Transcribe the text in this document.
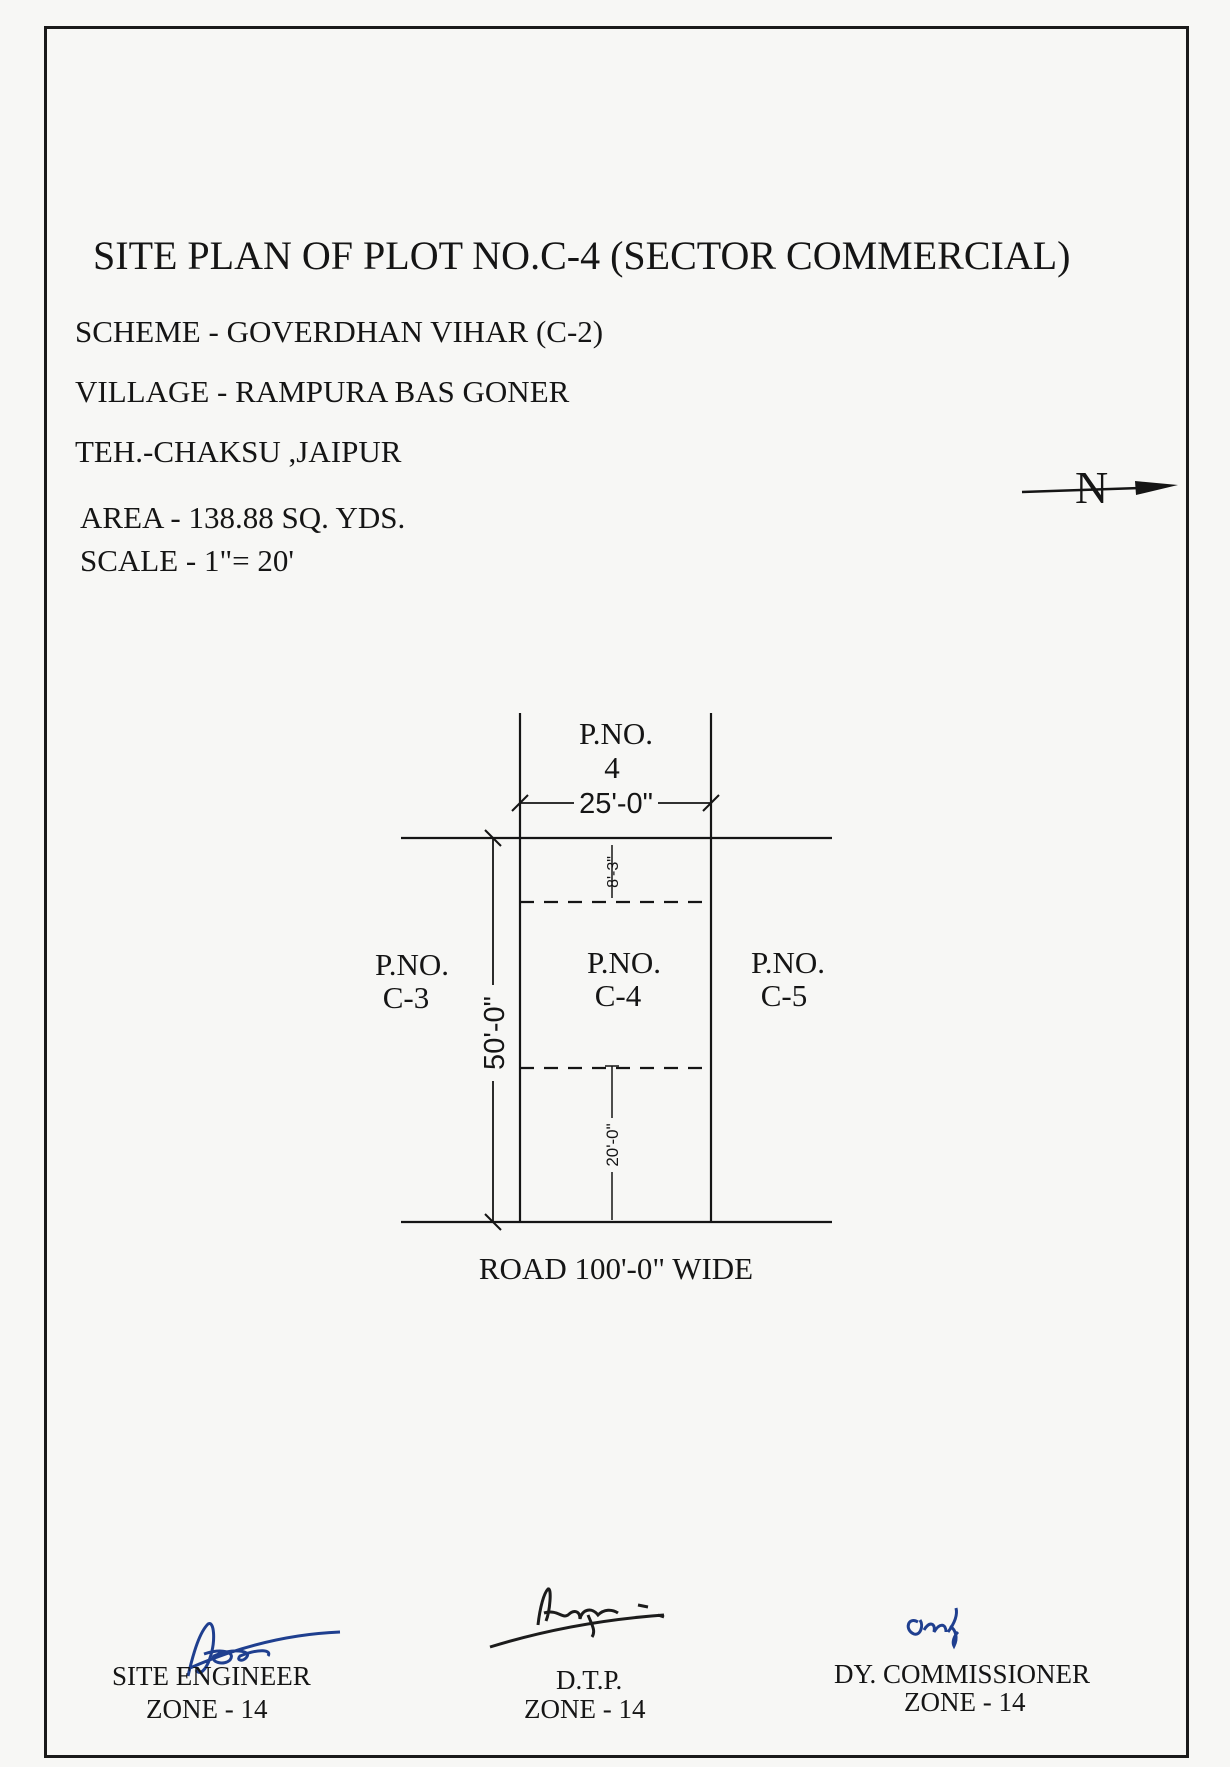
SITE PLAN OF PLOT NO.C-4 (SECTOR COMMERCIAL)
SCHEME - GOVERDHAN VIHAR (C-2)
VILLAGE - RAMPURA BAS GONER
TEH.-CHAKSU ,JAIPUR
AREA - 138.88 SQ. YDS.
SCALE - 1"= 20'
N
P.NO.
4
P.NO.
C-3
P.NO.
C-4
P.NO.
C-5
ROAD 100'-0" WIDE
25'-0"
50'-0"
8'-3"
20'-0"
SITE ENGINEER
ZONE - 14
D.T.P.
ZONE - 14
DY. COMMISSIONER
ZONE - 14
